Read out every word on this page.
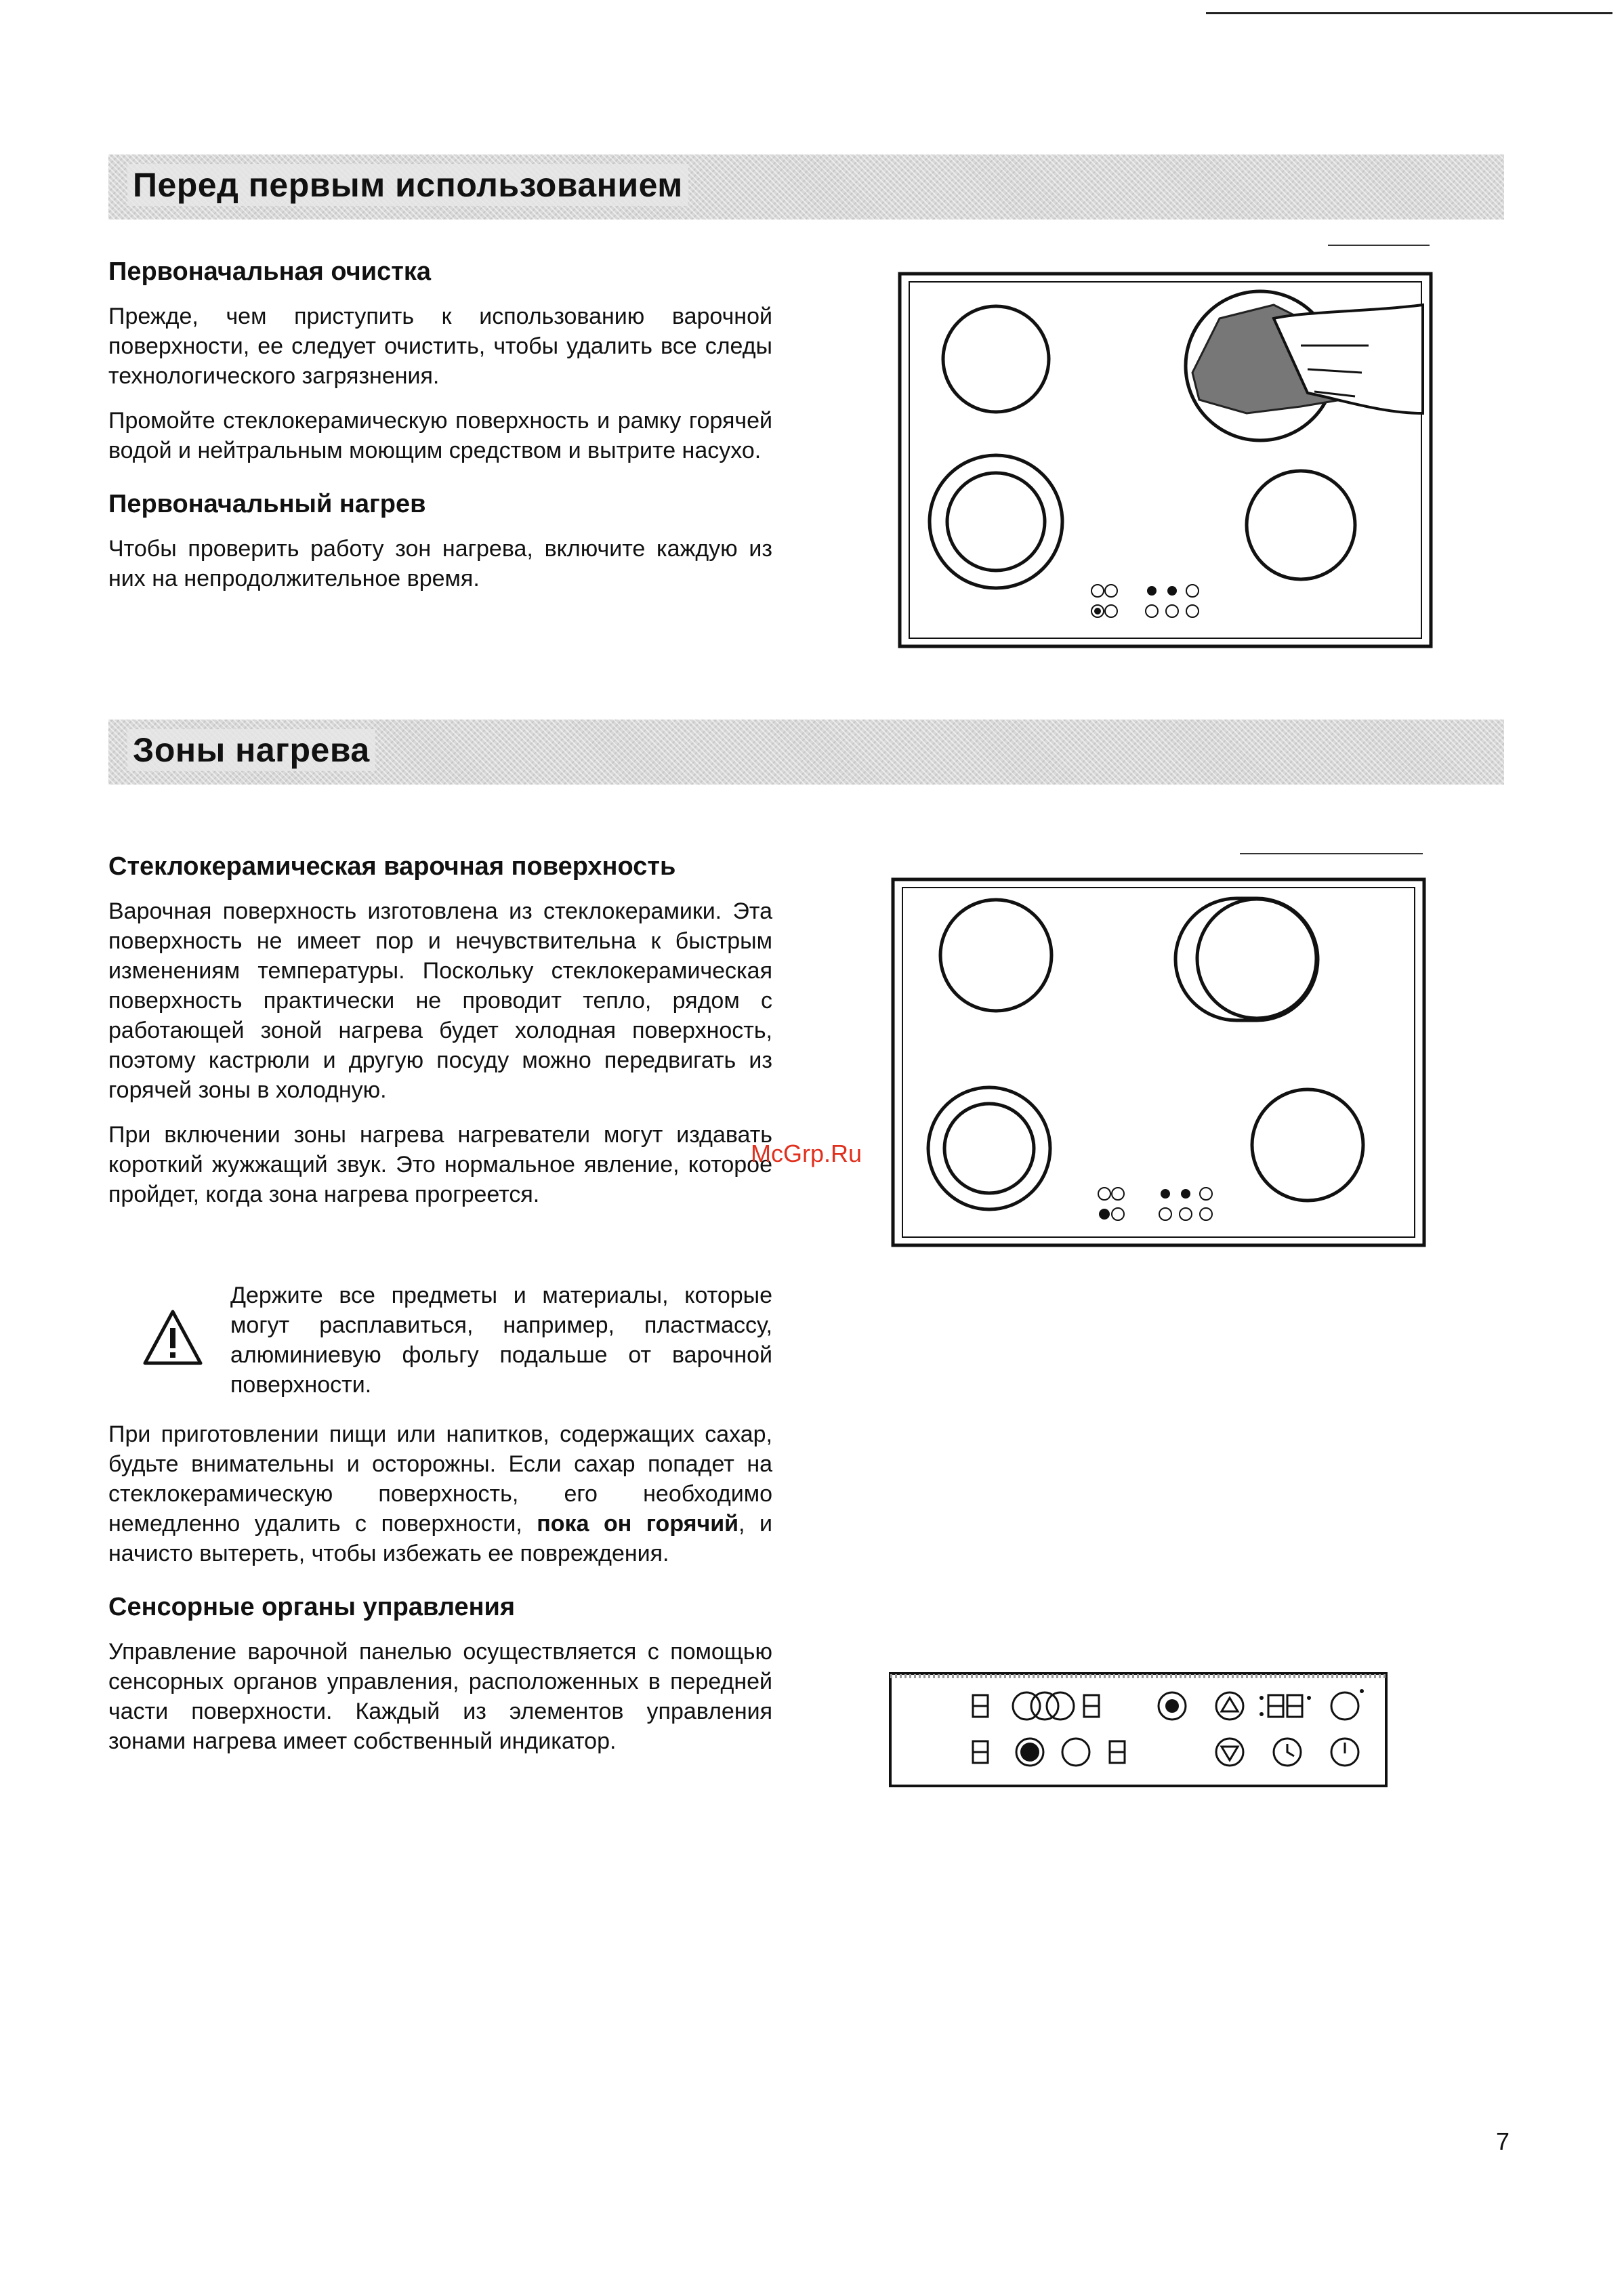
Перед первым использованием
Первоначальная очистка

Прежде, чем приступить к использованию варочной поверхности, ее следует очистить, чтобы удалить все следы технологического загрязнения.

Промойте стеклокерамическую поверхность и рамку горячей водой и нейтральным моющим средством и вытрите насухо.

Первоначальный нагрев

Чтобы проверить работу зон нагрева, включите каждую из них на непродолжительное время.

Зоны нагрева
Стеклокерамическая варочная поверхность

Варочная поверхность изготовлена из стеклокерамики. Эта поверхность не имеет пор и нечувствительна к быстрым изменениям температуры. Поскольку стеклокерамическая поверхность практически не проводит тепло, рядом с работающей зоной нагрева будет холодная поверхность, поэтому кастрюли и другую посуду можно передвигать из горячей зоны в холодную.

При включении зоны нагрева нагреватели могут издавать короткий жужжащий звук. Это нормальное явление, которое пройдет, когда зона нагрева прогреется.

McGrp.Ru

Держите все предметы и материалы, которые могут расплавиться, например, пластмассу, алюминиевую фольгу подальше от варочной поверхности.

При приготовлении пищи или напитков, содержащих сахар, будьте внимательны и осторожны. Если сахар попадет на стеклокерамическую поверхность, его необходимо немедленно удалить с поверхности, пока он горячий, и начисто вытереть, чтобы избежать ее повреждения.

Сенсорные органы управления

Управление варочной панелью осуществляется с помощью сенсорных органов управления, расположенных в передней части поверхности. Каждый из элементов управления зонами нагрева имеет собственный индикатор.

7
